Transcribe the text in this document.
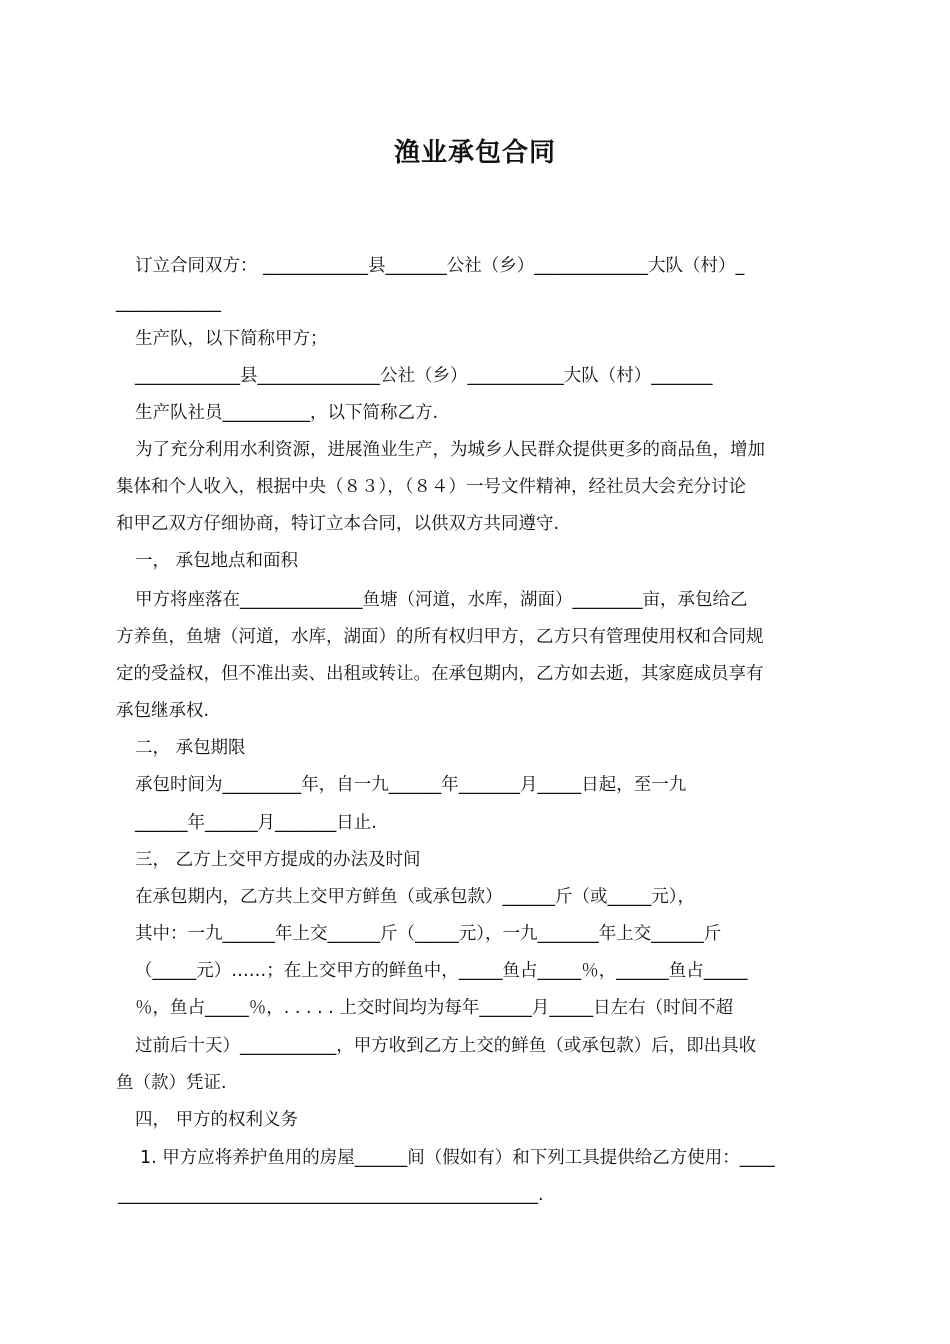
渔业承包合同
订立合同双方： ____________县_______公社（乡）_____________大队（村）_
____________
生产队，以下简称甲方；
____________县______________公社（乡）___________大队（村）_______
生产队社员__________，以下简称乙方.
为了充分利用水利资源，进展渔业生产，为城乡人民群众提供更多的商品鱼，增加
集体和个人收入，根据中央（８３），（８４）一号文件精神，经社员大会充分讨论
和甲乙双方仔细协商，特订立本合同，以供双方共同遵守.
一， 承包地点和面积
甲方将座落在______________鱼塘（河道，水库，湖面）________亩，承包给乙
方养鱼，鱼塘（河道，水库，湖面）的所有权归甲方，乙方只有管理使用权和合同规
定的受益权，但不准出卖、出租或转让。在承包期内，乙方如去逝，其家庭成员享有
承包继承权.
二， 承包期限
承包时间为_________年，自一九______年_______月_____日起，至一九
______年______月_______日止.
三， 乙方上交甲方提成的办法及时间
在承包期内，乙方共上交甲方鲜鱼（或承包款）______斤（或_____元），
其中：一九______年上交______斤（_____元），一九_______年上交______斤
（_____元）……；在上交甲方的鲜鱼中，_____鱼占_____％，______鱼占_____
％，鱼占_____％，. . . . . 上交时间均为每年______月_____日左右（时间不超
过前后十天）___________，甲方收到乙方上交的鲜鱼（或承包款）后，即出具收
鱼（款）凭证.
四， 甲方的权利义务
1. 甲方应将养护鱼用的房屋______间（假如有）和下列工具提供给乙方使用：____
________________________________________________.
